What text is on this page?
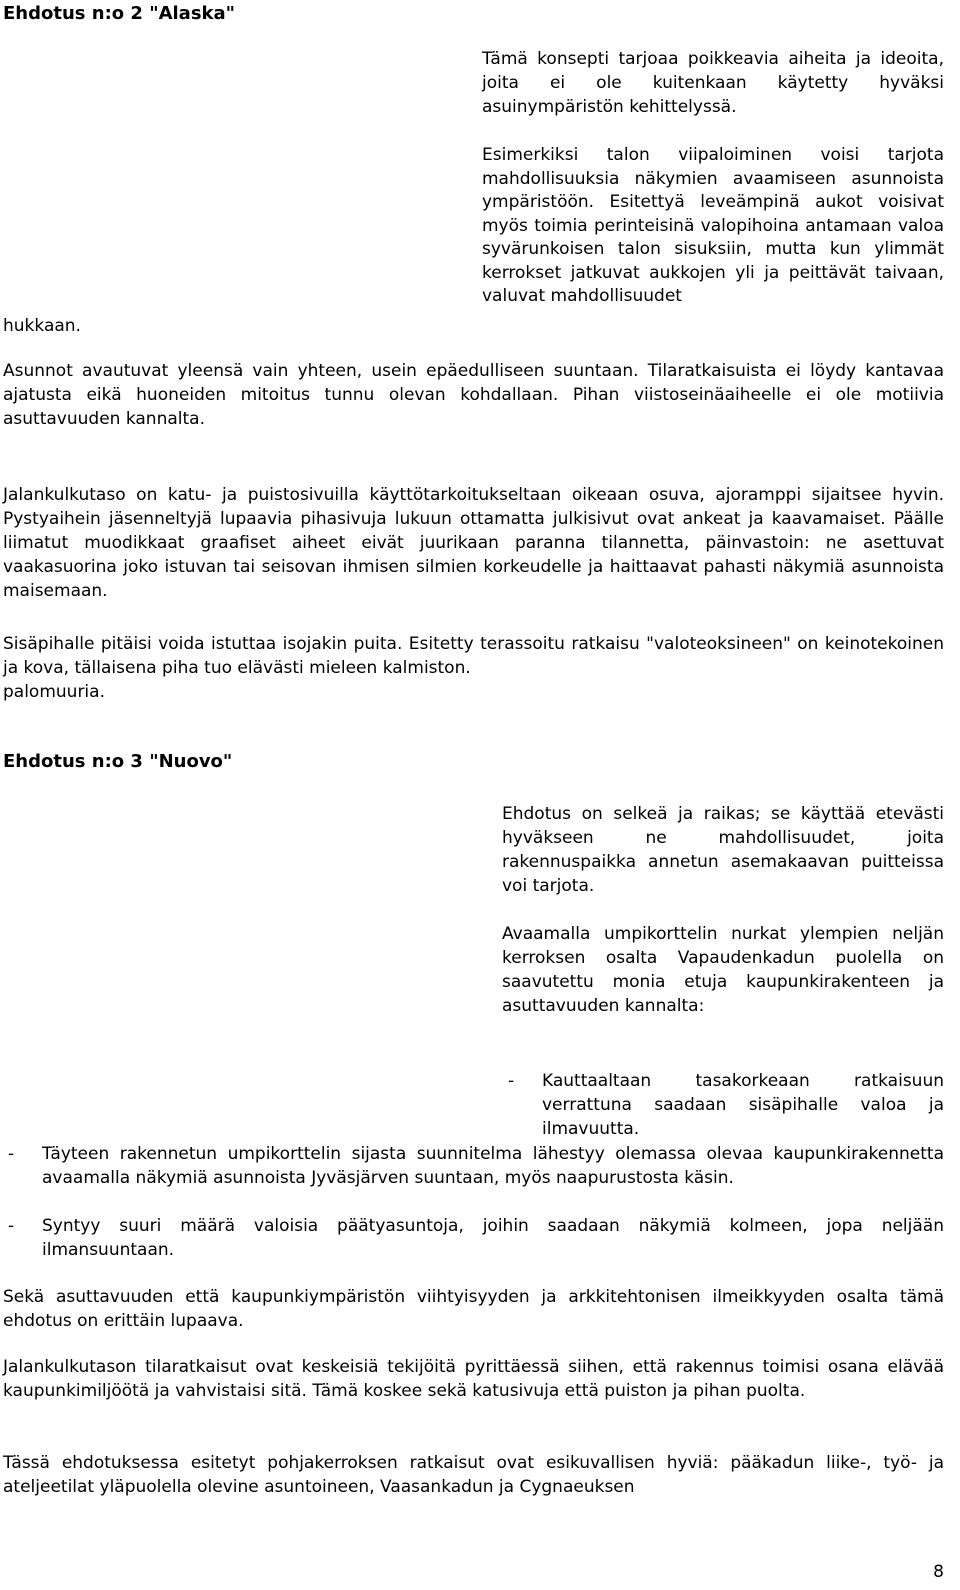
Ehdotus n:o 2 "Alaska"
Tämä konsepti tarjoaa poikkeavia aiheita ja ideoita, joita ei ole kuitenkaan käytetty hyväksi asuinympäristön kehittelyssä.
Esimerkiksi talon viipaloiminen voisi tarjota mahdollisuuksia näkymien avaamiseen asunnoista ympäristöön. Esitettyä leveämpinä aukot voisivat myös toimia perinteisinä valopihoina antamaan valoa syvärunkoisen talon sisuksiin, mutta kun ylimmät kerrokset jatkuvat aukkojen yli ja peittävät taivaan, valuvat mahdollisuudet
hukkaan.
Asunnot avautuvat yleensä vain yhteen, usein epäedulliseen suuntaan. Tilaratkaisuista ei löydy kantavaa ajatusta eikä huoneiden mitoitus tunnu olevan kohdallaan. Pihan viistoseinäaiheelle ei ole motiivia asuttavuuden kannalta.
Jalankulkutaso on katu- ja puistosivuilla käyttötarkoitukseltaan oikeaan osuva, ajoramppi sijaitsee hyvin. Pystyaihein jäsenneltyjä lupaavia pihasivuja lukuun ottamatta julkisivut ovat ankeat ja kaavamaiset. Päälle liimatut muodikkaat graafiset aiheet eivät juurikaan paranna tilannetta, päinvastoin: ne asettuvat vaakasuorina joko istuvan tai seisovan ihmisen silmien korkeudelle ja haittaavat pahasti näkymiä asunnoista maisemaan.
Sisäpihalle pitäisi voida istuttaa isojakin puita. Esitetty terassoitu ratkaisu "valoteoksineen" on keinotekoinen ja kova, tällaisena piha tuo elävästi mieleen kalmiston.
palomuuria.
Ehdotus n:o 3 "Nuovo"
Ehdotus on selkeä ja raikas; se käyttää etevästi hyväkseen ne mahdollisuudet, joita rakennuspaikka annetun asemakaavan puitteissa voi tarjota.
Avaamalla umpikorttelin nurkat ylempien neljän kerroksen osalta Vapaudenkadun puolella on saavutettu monia etuja kaupunkirakenteen ja asuttavuuden kannalta:
- Kauttaaltaan tasakorkeaan ratkaisuun verrattuna saadaan sisäpihalle valoa ja ilmavuutta.
- Täyteen rakennetun umpikorttelin sijasta suunnitelma lähestyy olemassa olevaa kaupunkirakennetta avaamalla näkymiä asunnoista Jyväsjärven suuntaan, myös naapurustosta käsin.
- Syntyy suuri määrä valoisia päätyasuntoja, joihin saadaan näkymiä kolmeen, jopa neljään ilmansuuntaan.
Sekä asuttavuuden että kaupunkiympäristön viihtyisyyden ja arkkitehtonisen ilmeikkyyden osalta tämä ehdotus on erittäin lupaava.
Jalankulkutason tilaratkaisut ovat keskeisiä tekijöitä pyrittäessä siihen, että rakennus toimisi osana elävää kaupunkimiljöötä ja vahvistaisi sitä. Tämä koskee sekä katusivuja että puiston ja pihan puolta.
Tässä ehdotuksessa esitetyt pohjakerroksen ratkaisut ovat esikuvallisen hyviä: pääkadun liike-, työ- ja ateljeetilat yläpuolella olevine asuntoineen, Vaasankadun ja Cygnaeuksen
8
